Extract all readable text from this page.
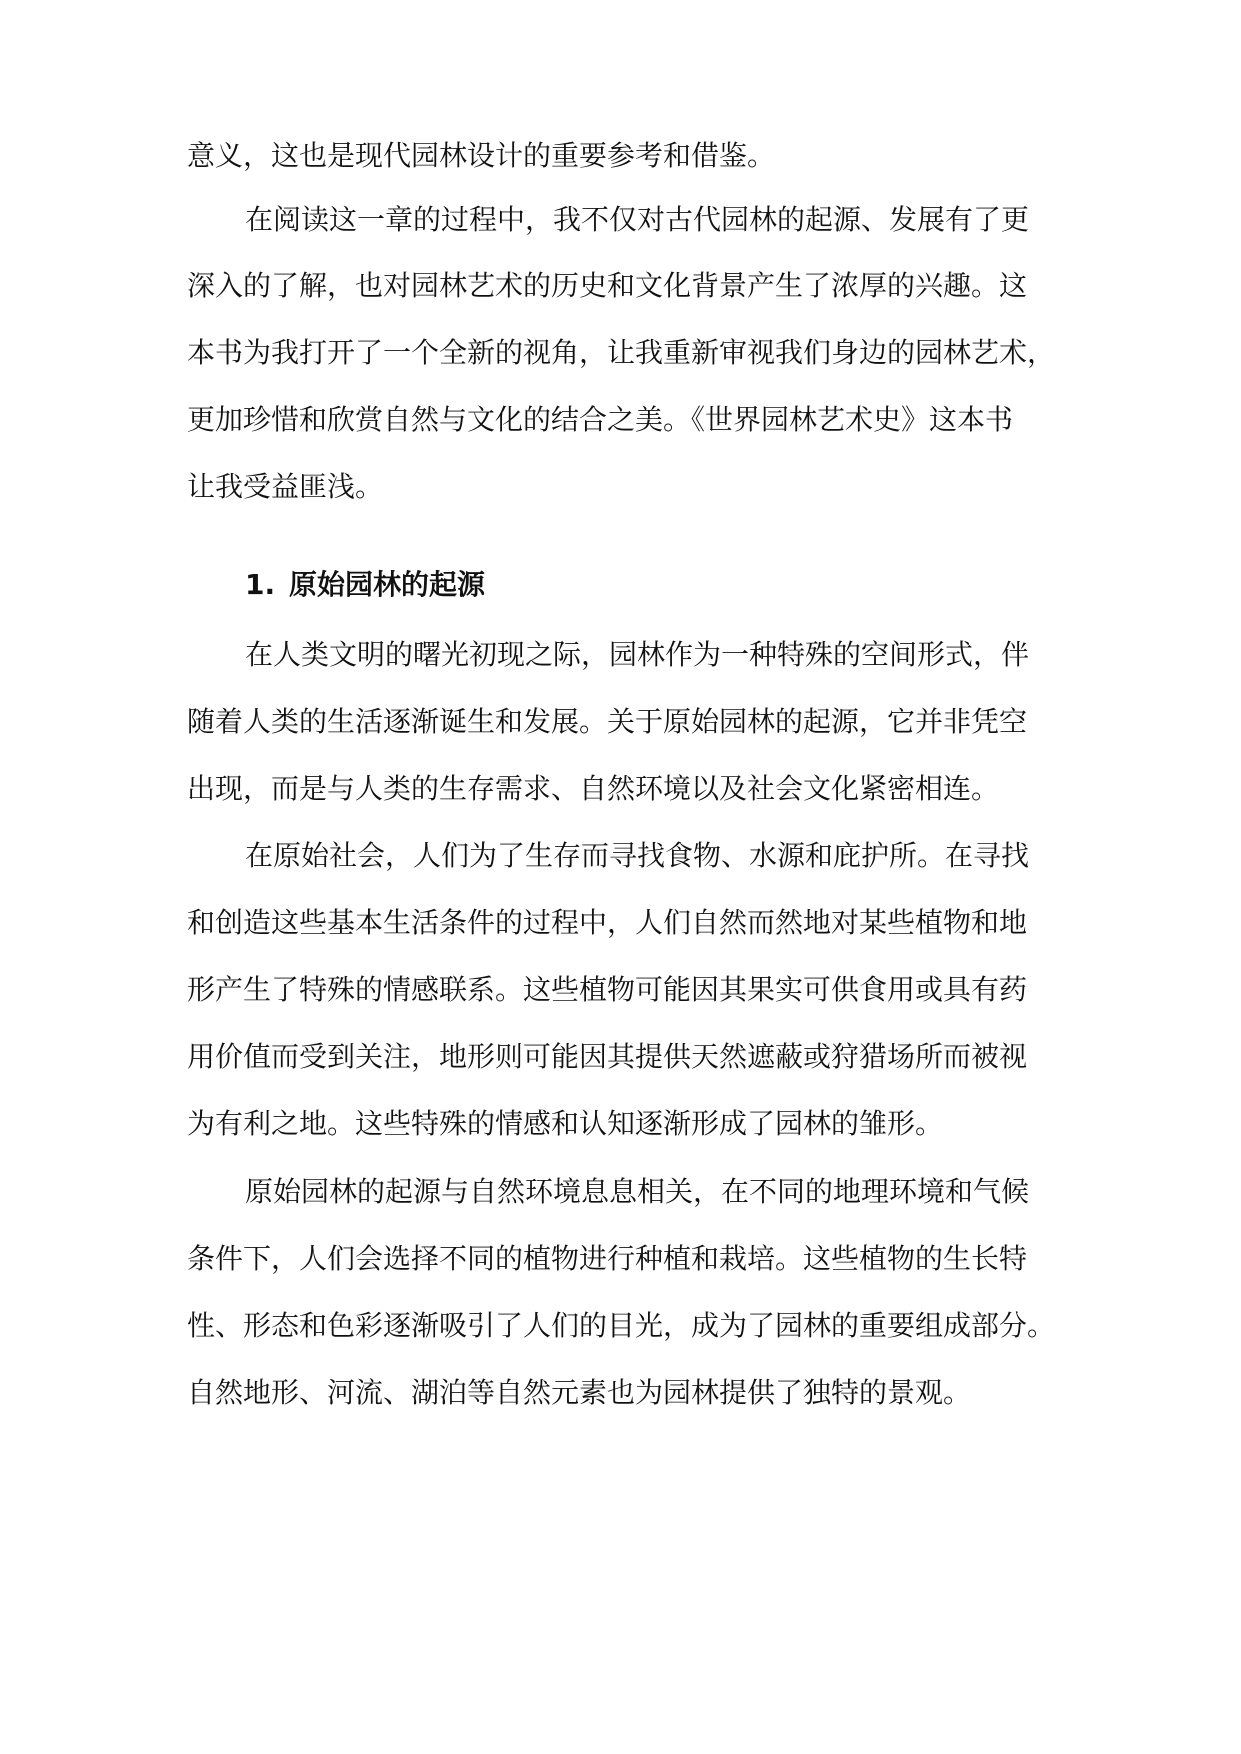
意义，这也是现代园林设计的重要参考和借鉴。
在阅读这一章的过程中，我不仅对古代园林的起源、发展有了更
深入的了解，也对园林艺术的历史和文化背景产生了浓厚的兴趣。这
本书为我打开了一个全新的视角，让我重新审视我们身边的园林艺术，
更加珍惜和欣赏自然与文化的结合之美。《世界园林艺术史》这本书
让我受益匪浅。
1. 原始园林的起源
在人类文明的曙光初现之际，园林作为一种特殊的空间形式，伴
随着人类的生活逐渐诞生和发展。关于原始园林的起源，它并非凭空
出现，而是与人类的生存需求、自然环境以及社会文化紧密相连。
在原始社会，人们为了生存而寻找食物、水源和庇护所。在寻找
和创造这些基本生活条件的过程中，人们自然而然地对某些植物和地
形产生了特殊的情感联系。这些植物可能因其果实可供食用或具有药
用价值而受到关注，地形则可能因其提供天然遮蔽或狩猎场所而被视
为有利之地。这些特殊的情感和认知逐渐形成了园林的雏形。
原始园林的起源与自然环境息息相关，在不同的地理环境和气候
条件下，人们会选择不同的植物进行种植和栽培。这些植物的生长特
性、形态和色彩逐渐吸引了人们的目光，成为了园林的重要组成部分。
自然地形、河流、湖泊等自然元素也为园林提供了独特的景观。
